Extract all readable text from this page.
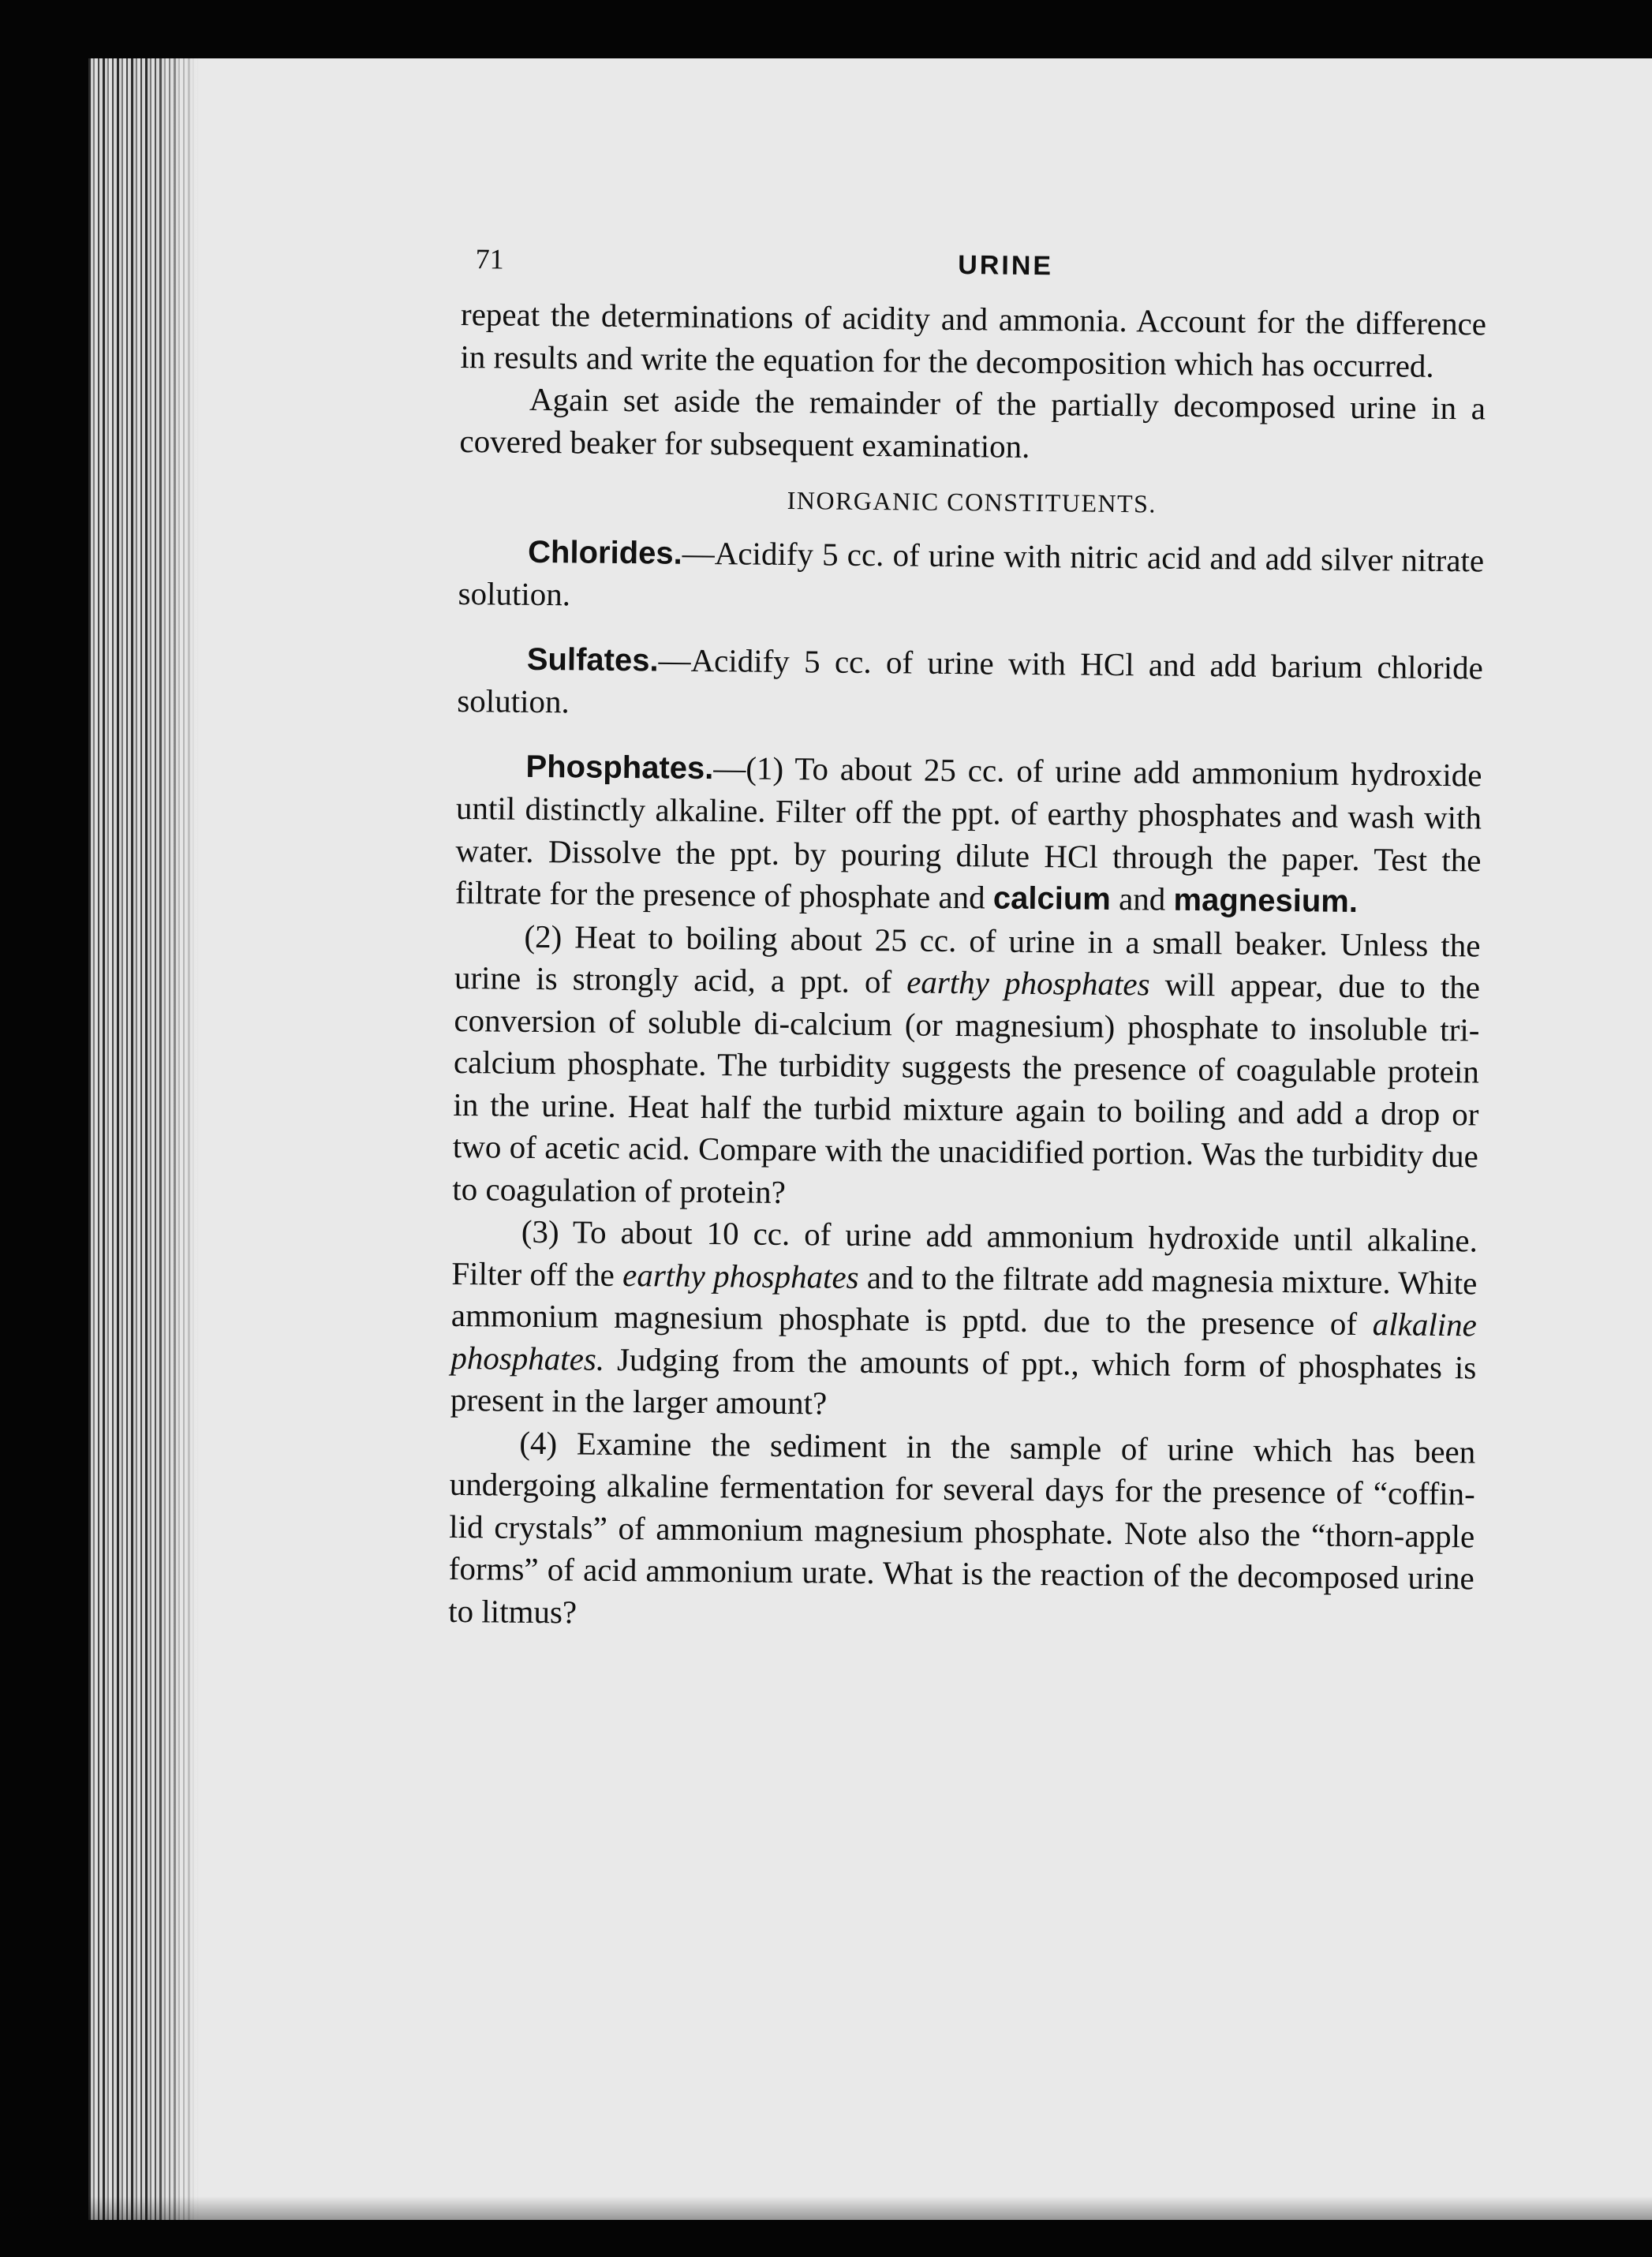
71	URINE

repeat the determinations of acidity and ammonia. Account for the difference in results and write the equation for the decomposition which has occurred.

Again set aside the remainder of the partially decomposed urine in a covered beaker for subsequent examination.

INORGANIC CONSTITUENTS.

Chlorides.—Acidify 5 cc. of urine with nitric acid and add silver nitrate solution.

Sulfates.—Acidify 5 cc. of urine with HCl and add barium chloride solution.

Phosphates.—(1) To about 25 cc. of urine add ammonium hydroxide until distinctly alkaline. Filter off the ppt. of earthy phosphates and wash with water. Dissolve the ppt. by pouring dilute HCl through the paper. Test the filtrate for the presence of phosphate and calcium and magnesium.

(2) Heat to boiling about 25 cc. of urine in a small beaker. Unless the urine is strongly acid, a ppt. of earthy phosphates will appear, due to the conversion of soluble di-calcium (or magnesium) phosphate to insoluble tri-calcium phosphate. The turbidity suggests the presence of coagulable protein in the urine. Heat half the turbid mixture again to boiling and add a drop or two of acetic acid. Compare with the unacidified portion. Was the turbidity due to coagulation of protein?

(3) To about 10 cc. of urine add ammonium hydroxide until alkaline. Filter off the earthy phosphates and to the filtrate add magnesia mixture. White ammonium magnesium phosphate is pptd. due to the presence of alkaline phosphates. Judging from the amounts of ppt., which form of phosphates is present in the larger amount?

(4) Examine the sediment in the sample of urine which has been undergoing alkaline fermentation for several days for the presence of “coffin-lid crystals” of ammonium magnesium phosphate. Note also the “thorn-apple forms” of acid ammonium urate. What is the reaction of the decomposed urine to litmus?
